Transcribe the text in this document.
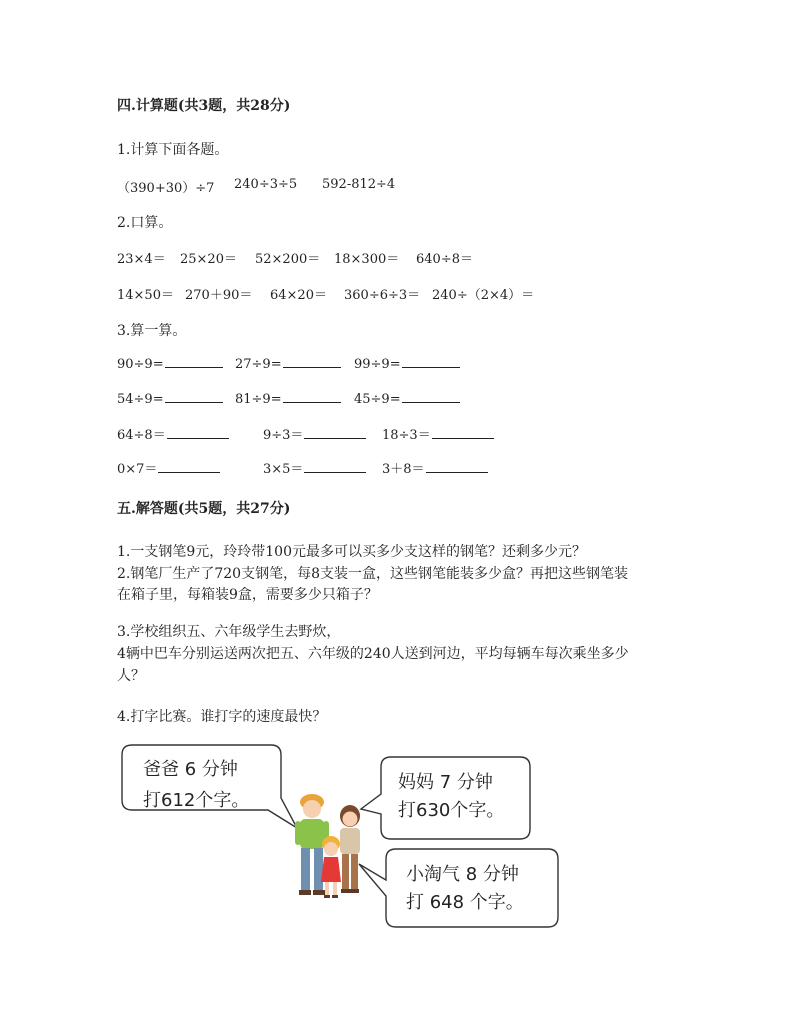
四.计算题(共3题，共28分)
1.计算下面各题。
（390+30）÷7 240÷3÷5 592-812÷4
2.口算。
23×4＝ 25×20＝ 52×200＝ 18×300＝ 640÷8＝
14×50＝ 270＋90＝ 64×20＝ 360÷6÷3＝ 240÷（2×4）＝
3.算一算。
90÷9=	27÷9=	99÷9=
54÷9=	81÷9=	45÷9=
64÷8＝	9÷3＝	18÷3＝
0×7＝	3×5＝	3＋8＝
五.解答题(共5题，共27分)
1.一支钢笔9元，玲玲带100元最多可以买多少支这样的钢笔？还剩多少元？
2.钢笔厂生产了720支钢笔，每8支装一盒，这些钢笔能装多少盒？再把这些钢笔装
在箱子里，每箱装9盒，需要多少只箱子？
3.学校组织五、六年级学生去野炊，
4辆中巴车分别运送两次把五、六年级的240人送到河边，平均每辆车每次乘坐多少
人？
4.打字比赛。谁打字的速度最快？
爸爸 6 分钟
打612个字。
妈妈 7 分钟
打630个字。
小淘气 8 分钟
打 648 个字。
